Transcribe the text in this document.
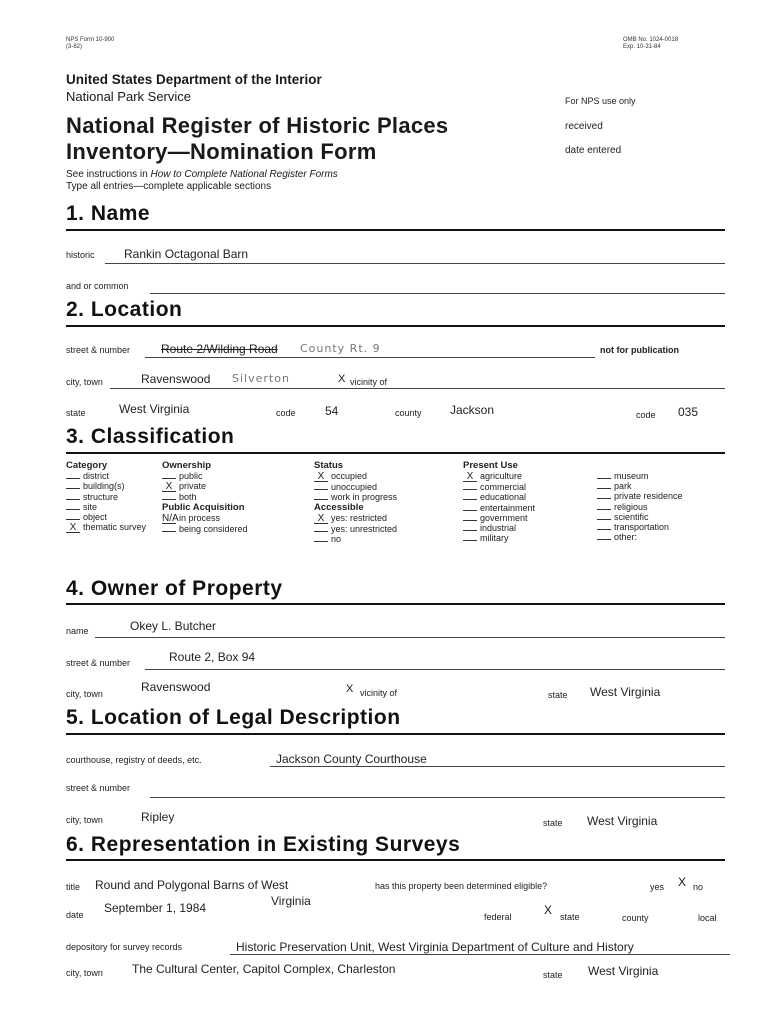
NPS Form 10-900
(3-82)
OMB No. 1024-0018
Exp. 10-31-84
United States Department of the Interior
National Park Service
National Register of Historic Places
Inventory—Nomination Form
For NPS use only
received
date entered
See instructions in How to Complete National Register Forms
Type all entries—complete applicable sections
1. Name
historic Rankin Octagonal Barn
and or common
2. Location
street & number	Route 2/Wilding Road County Rt. 9	not for publication
city, town	Ravenswood Silverton	X vicinity of
state	West Virginia	code 54	county Jackson	code 035
3. Classification
Category
district
building(s)
structure
site
object
X thematic survey
Ownership
public
X private
both
Public Acquisition
N/Ain process
being considered
Status
X occupied
unoccupied
work in progress
Accessible
X yes: restricted
yes: unrestricted
no
Present Use
X agriculture
commercial
educational
entertainment
government
industrial
military
museum
park
private residence
religious
scientific
transportation
other:
4. Owner of Property
name	Okey L. Butcher
street & number	Route 2, Box 94
city, town	Ravenswood	X vicinity of	state West Virginia
5. Location of Legal Description
courthouse, registry of deeds, etc.	Jackson County Courthouse
street & number
city, town	Ripley	state West Virginia
6. Representation in Existing Surveys
title Round and Polygonal Barns of West	has this property been determined eligible?	yes X no
Virginia
date September 1, 1984
federal	X state	county	local
depository for survey records	Historic Preservation Unit, West Virginia Department of Culture and History
city, town The Cultural Center, Capitol Complex, Charleston	state West Virginia
